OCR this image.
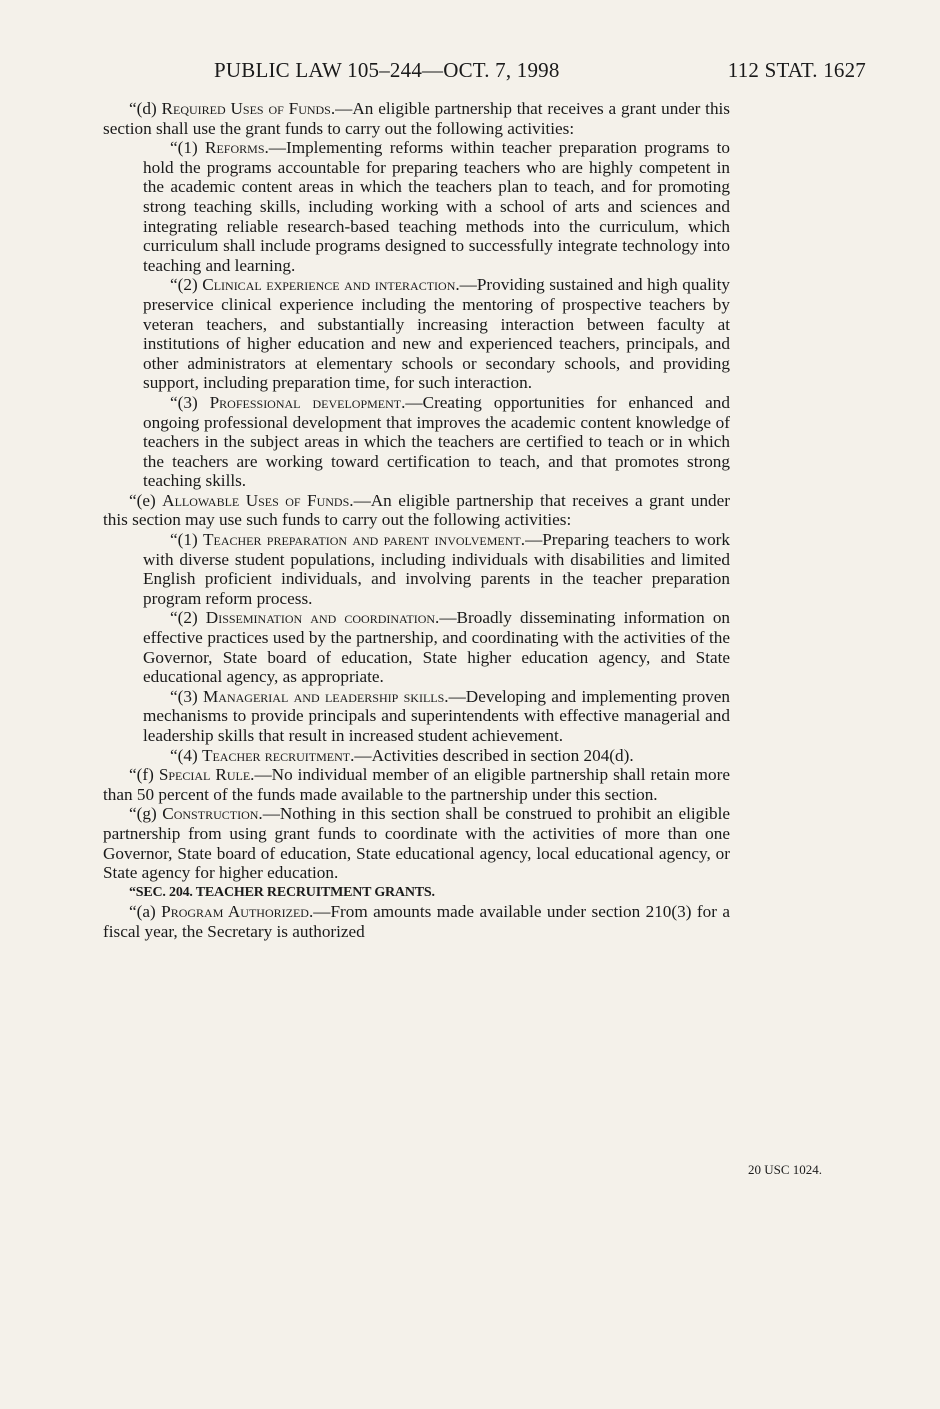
PUBLIC LAW 105–244—OCT. 7, 1998	112 STAT. 1627

“(d) Required Uses of Funds.—An eligible partnership that receives a grant under this section shall use the grant funds to carry out the following activities:

“(1) Reforms.—Implementing reforms within teacher preparation programs to hold the programs accountable for preparing teachers who are highly competent in the academic content areas in which the teachers plan to teach, and for promoting strong teaching skills, including working with a school of arts and sciences and integrating reliable research-based teaching methods into the curriculum, which curriculum shall include programs designed to successfully integrate technology into teaching and learning.

“(2) Clinical experience and interaction.—Providing sustained and high quality preservice clinical experience including the mentoring of prospective teachers by veteran teachers, and substantially increasing interaction between faculty at institutions of higher education and new and experienced teachers, principals, and other administrators at elementary schools or secondary schools, and providing support, including preparation time, for such interaction.

“(3) Professional development.—Creating opportunities for enhanced and ongoing professional development that improves the academic content knowledge of teachers in the subject areas in which the teachers are certified to teach or in which the teachers are working toward certification to teach, and that promotes strong teaching skills.

“(e) Allowable Uses of Funds.—An eligible partnership that receives a grant under this section may use such funds to carry out the following activities:

“(1) Teacher preparation and parent involvement.—Preparing teachers to work with diverse student populations, including individuals with disabilities and limited English proficient individuals, and involving parents in the teacher preparation program reform process.

“(2) Dissemination and coordination.—Broadly disseminating information on effective practices used by the partnership, and coordinating with the activities of the Governor, State board of education, State higher education agency, and State educational agency, as appropriate.

“(3) Managerial and leadership skills.—Developing and implementing proven mechanisms to provide principals and superintendents with effective managerial and leadership skills that result in increased student achievement.

“(4) Teacher recruitment.—Activities described in section 204(d).

“(f) Special Rule.—No individual member of an eligible partnership shall retain more than 50 percent of the funds made available to the partnership under this section.

“(g) Construction.—Nothing in this section shall be construed to prohibit an eligible partnership from using grant funds to coordinate with the activities of more than one Governor, State board of education, State educational agency, local educational agency, or State agency for higher education.

“SEC. 204. TEACHER RECRUITMENT GRANTS.

“(a) Program Authorized.—From amounts made available under section 210(3) for a fiscal year, the Secretary is authorized

20 USC 1024.
